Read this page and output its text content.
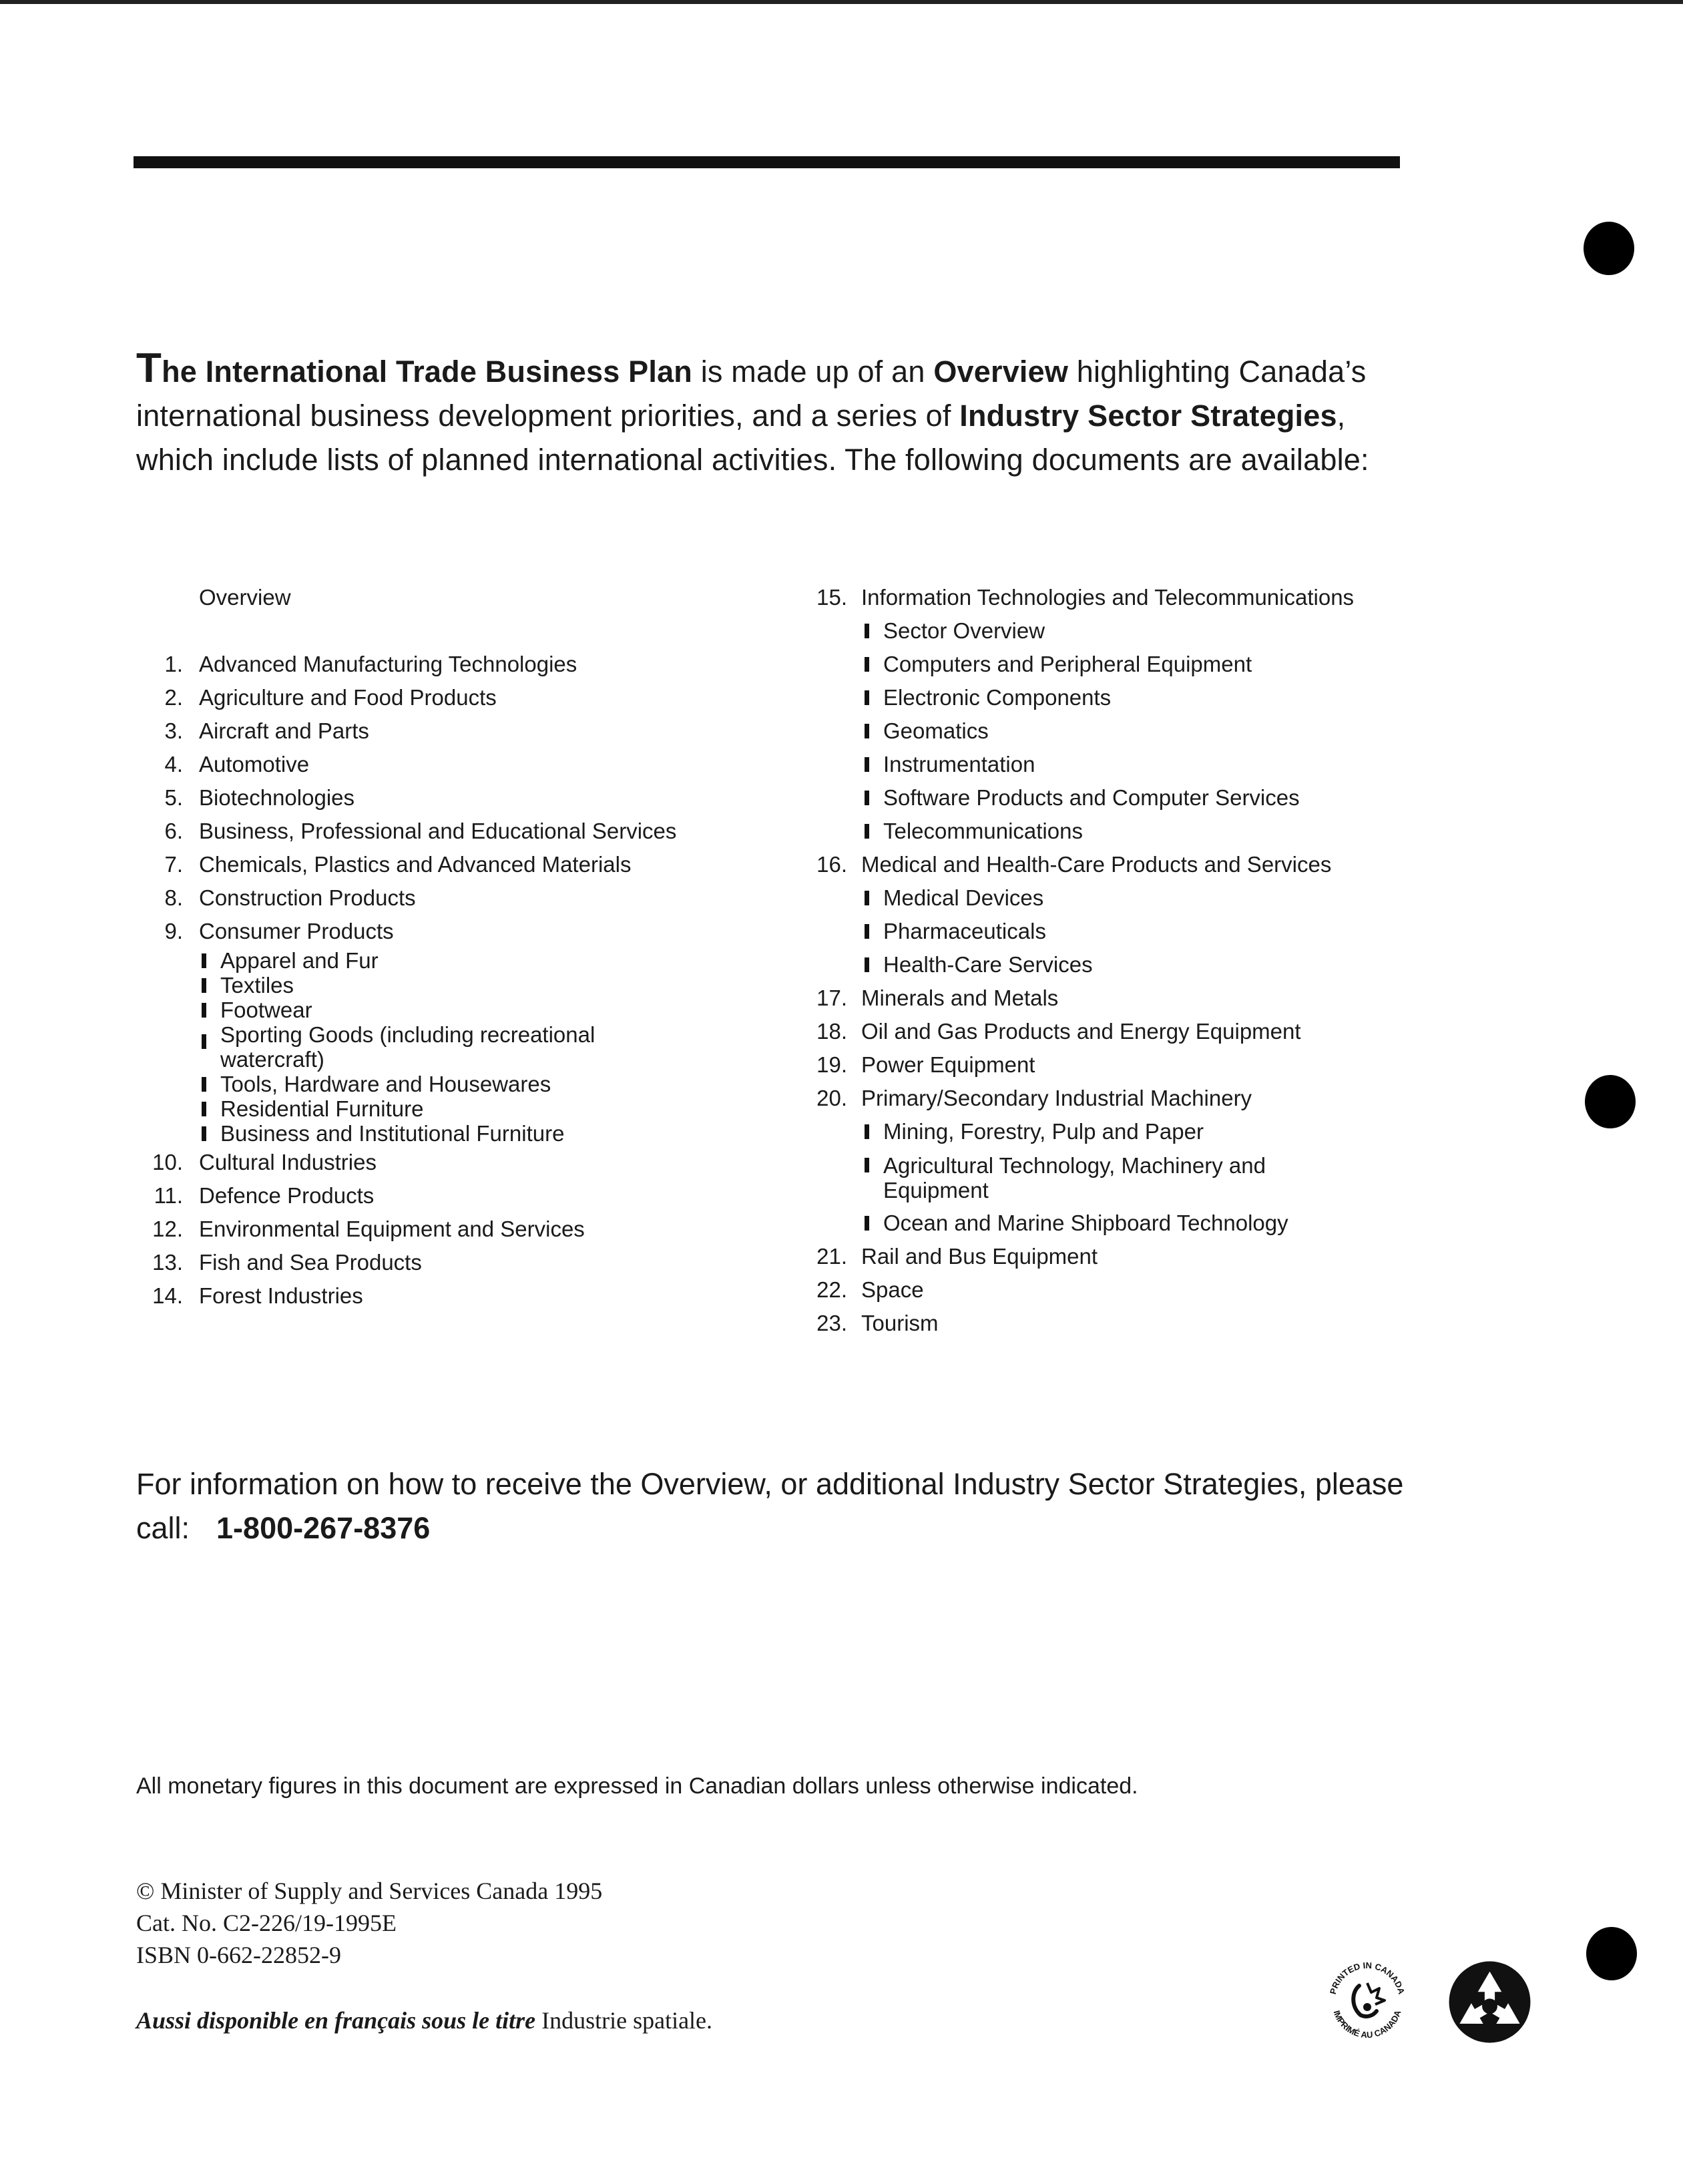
The International Trade Business Plan is made up of an Overview highlighting Canada’s international business development priorities, and a series of Industry Sector Strategies, which include lists of planned international activities. The following documents are available:
Overview
1. Advanced Manufacturing Technologies
2. Agriculture and Food Products
3. Aircraft and Parts
4. Automotive
5. Biotechnologies
6. Business, Professional and Educational Services
7. Chemicals, Plastics and Advanced Materials
8. Construction Products
9. Consumer Products
Apparel and Fur
Textiles
Footwear
Sporting Goods (including recreational watercraft)
Tools, Hardware and Housewares
Residential Furniture
Business and Institutional Furniture
10. Cultural Industries
11. Defence Products
12. Environmental Equipment and Services
13. Fish and Sea Products
14. Forest Industries
15. Information Technologies and Telecommunications
Sector Overview
Computers and Peripheral Equipment
Electronic Components
Geomatics
Instrumentation
Software Products and Computer Services
Telecommunications
16. Medical and Health-Care Products and Services
Medical Devices
Pharmaceuticals
Health-Care Services
17. Minerals and Metals
18. Oil and Gas Products and Energy Equipment
19. Power Equipment
20. Primary/Secondary Industrial Machinery
Mining, Forestry, Pulp and Paper
Agricultural Technology, Machinery and Equipment
Ocean and Marine Shipboard Technology
21. Rail and Bus Equipment
22. Space
23. Tourism
For information on how to receive the Overview, or additional Industry Sector Strategies, please call: 1-800-267-8376
All monetary figures in this document are expressed in Canadian dollars unless otherwise indicated.
© Minister of Supply and Services Canada 1995
Cat. No. C2-226/19-1995E
ISBN 0-662-22852-9
Aussi disponible en français sous le titre Industrie spatiale.
PRINTED IN CANADA
IMPRIMÉ AU CANADA
